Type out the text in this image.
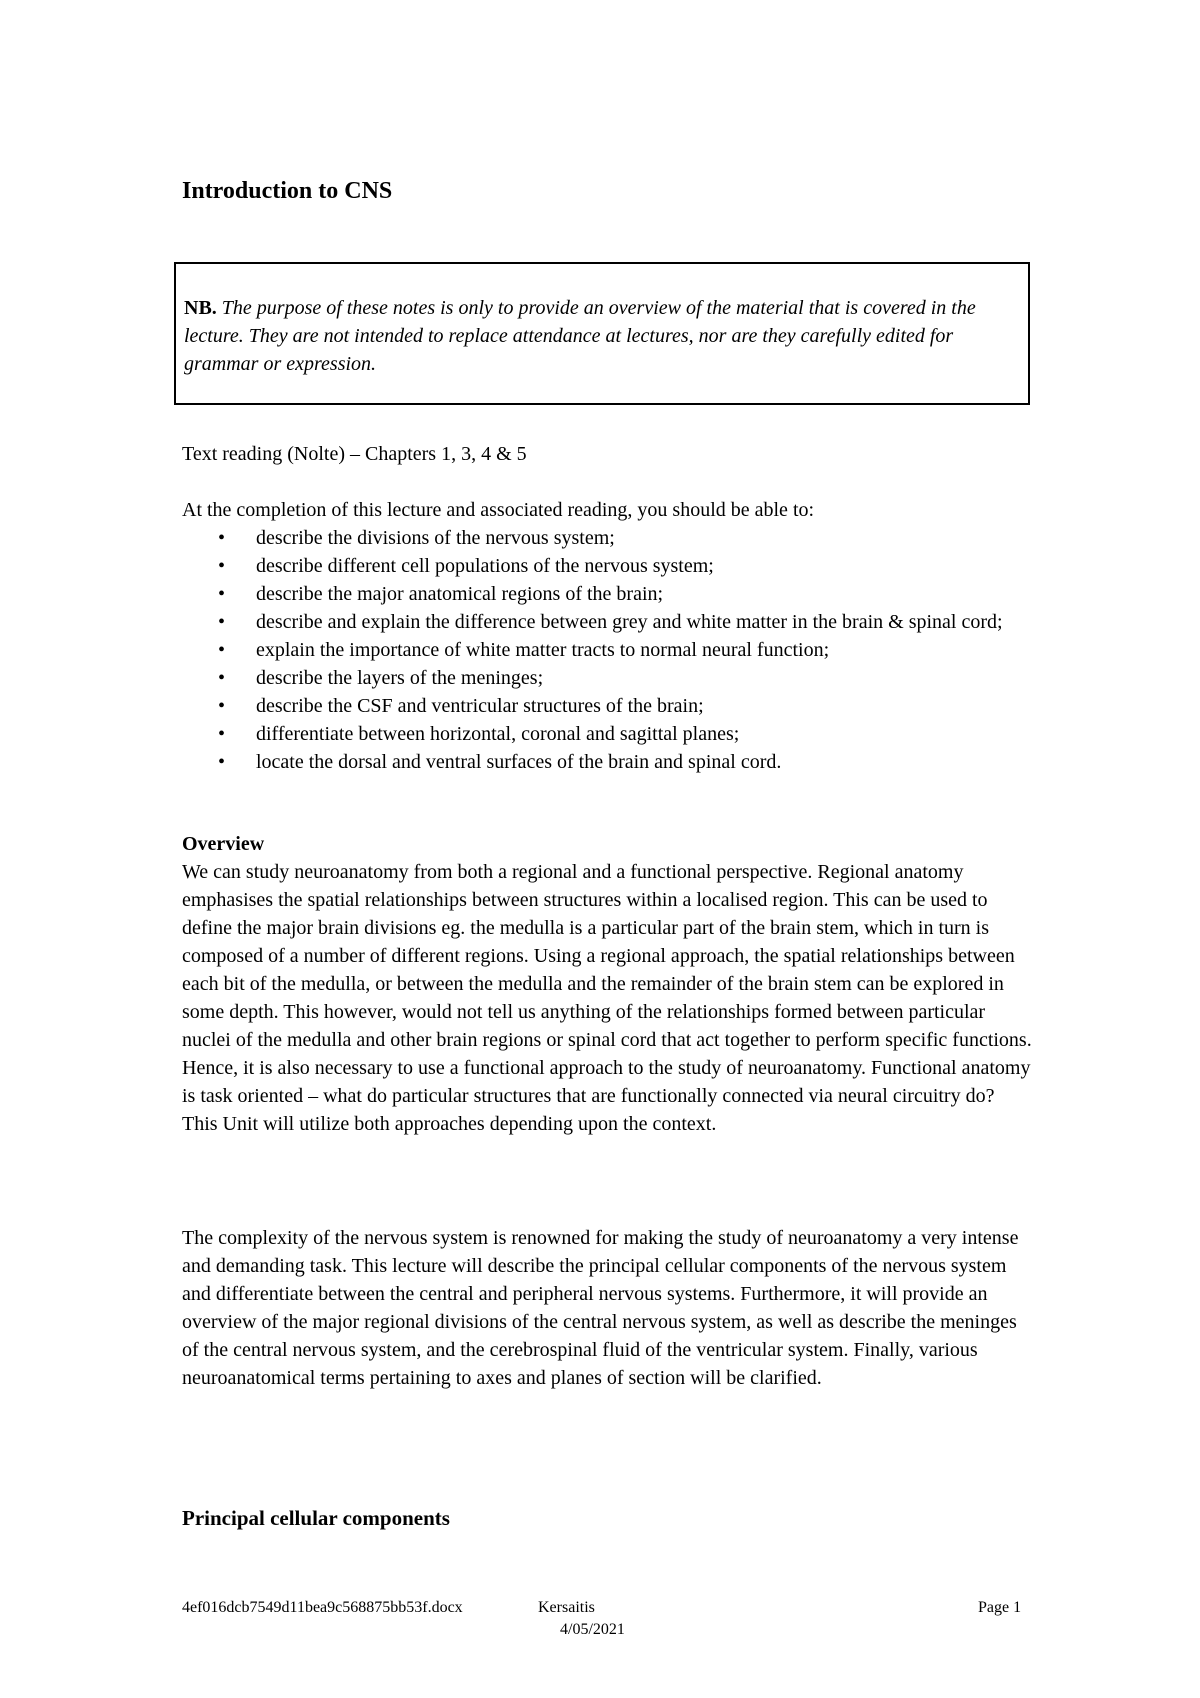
Introduction to CNS
NB. The purpose of these notes is only to provide an overview of the material that is covered in the lecture. They are not intended to replace attendance at lectures, nor are they carefully edited for grammar or expression.

Text reading (Nolte) – Chapters 1, 3, 4 & 5

At the completion of this lecture and associated reading, you should be able to:

• describe the divisions of the nervous system;
• describe different cell populations of the nervous system;
• describe the major anatomical regions of the brain;
• describe and explain the difference between grey and white matter in the brain & spinal cord;
• explain the importance of white matter tracts to normal neural function;
• describe the layers of the meninges;
• describe the CSF and ventricular structures of the brain;
• differentiate between horizontal, coronal and sagittal planes;
• locate the dorsal and ventral surfaces of the brain and spinal cord.
Overview

We can study neuroanatomy from both a regional and a functional perspective. Regional anatomy emphasises the spatial relationships between structures within a localised region. This can be used to define the major brain divisions eg. the medulla is a particular part of the brain stem, which in turn is composed of a number of different regions. Using a regional approach, the spatial relationships between each bit of the medulla, or between the medulla and the remainder of the brain stem can be explored in some depth. This however, would not tell us anything of the relationships formed between particular nuclei of the medulla and other brain regions or spinal cord that act together to perform specific functions. Hence, it is also necessary to use a functional approach to the study of neuroanatomy. Functional anatomy is task oriented – what do particular structures that are functionally connected via neural circuitry do? This Unit will utilize both approaches depending upon the context.

The complexity of the nervous system is renowned for making the study of neuroanatomy a very intense and demanding task. This lecture will describe the principal cellular components of the nervous system and differentiate between the central and peripheral nervous systems. Furthermore, it will provide an overview of the major regional divisions of the central nervous system, as well as describe the meninges of the central nervous system, and the cerebrospinal fluid of the ventricular system. Finally, various neuroanatomical terms pertaining to axes and planes of section will be clarified.

Principal cellular components
4ef016dcb7549d11bea9c568875bb53f.docx	Kersaitis	Page 1
4/05/2021
